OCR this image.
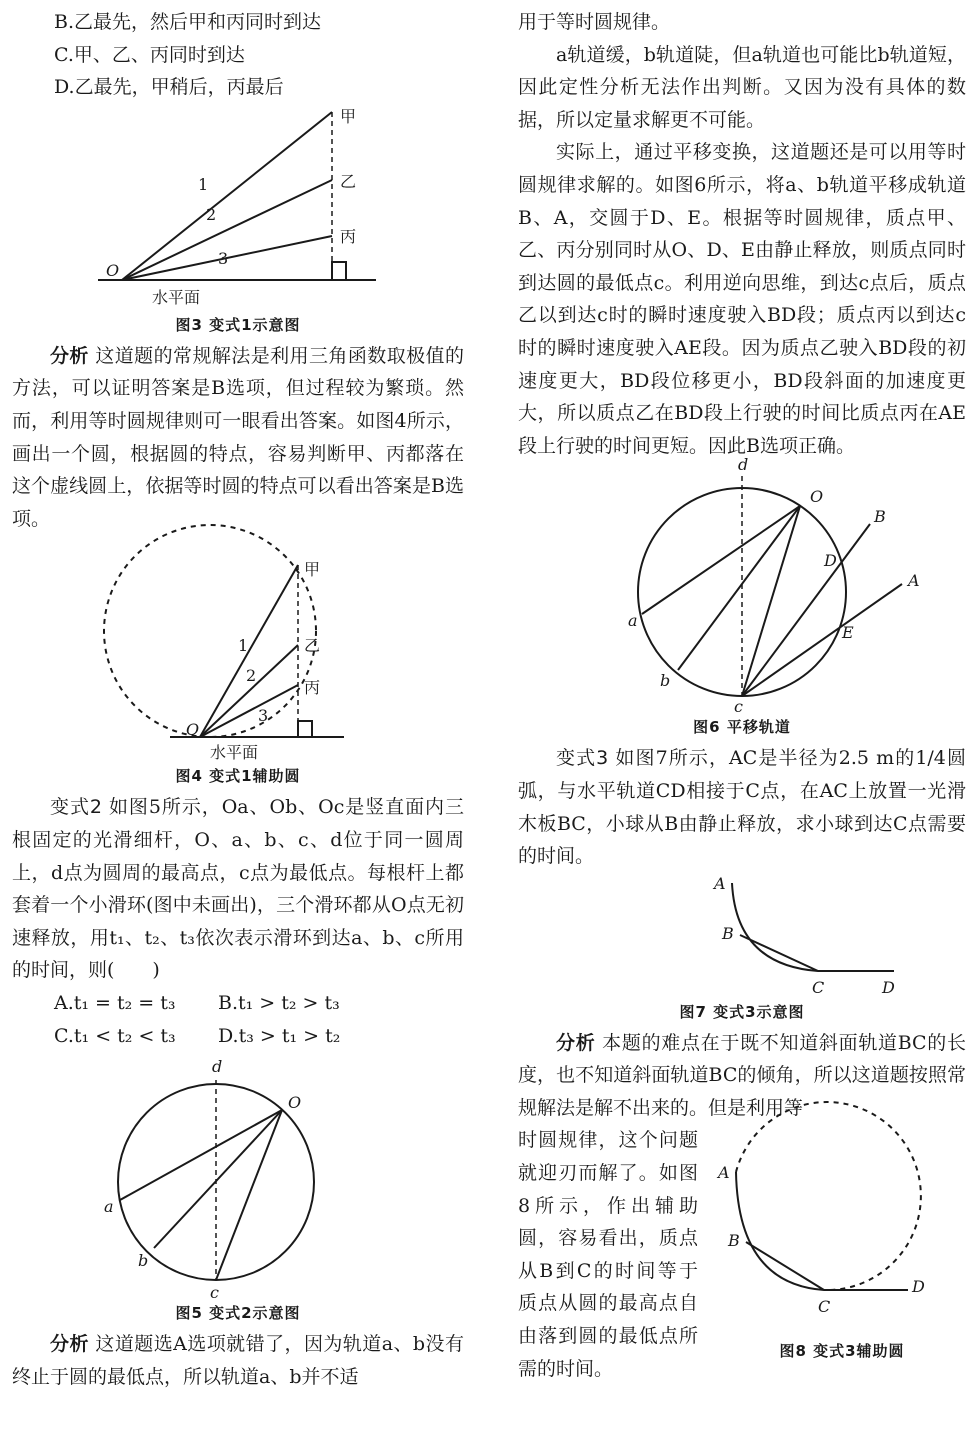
B.乙最先，然后甲和丙同时到达
C.甲、乙、丙同时到达
D.乙最先，甲稍后，丙最后
甲
乙
丙
1
2
3
O
水平面
图3 变式1示意图

分析 这道题的常规解法是利用三角函数取极值的方法，可以证明答案是B选项，但过程较为繁琐。然而，利用等时圆规律则可一眼看出答案。如图4所示，画出一个圆，根据圆的特点，容易判断甲、丙都落在这个虚线圆上，依据等时圆的特点可以看出答案是B选项。

甲
乙
丙
1
2
3
O
水平面
图4 变式1辅助圆

变式2 如图5所示，Oa、Ob、Oc是竖直面内三根固定的光滑细杆，O、a、b、c、d位于同一圆周上，d点为圆周的最高点，c点为最低点。每根杆上都套着一个小滑环(图中未画出)，三个滑环都从O点无初速释放，用t₁、t₂、t₃依次表示滑环到达a、b、c所用的时间，则(　　)

A.t₁ = t₂ = t₃	B.t₁ > t₂ > t₃
C.t₁ < t₂ < t₃	D.t₃ > t₁ > t₂
d
O
a
b
c
图5 变式2示意图

分析 这道题选A选项就错了，因为轨道a、b没有终止于圆的最低点，所以轨道a、b并不适

用于等时圆规律。

a轨道缓，b轨道陡，但a轨道也可能比b轨道短，因此定性分析无法作出判断。又因为没有具体的数据，所以定量求解更不可能。

实际上，通过平移变换，这道题还是可以用等时圆规律求解的。如图6所示，将a、b轨道平移成轨道B、A，交圆于D、E。根据等时圆规律，质点甲、乙、丙分别同时从O、D、E由静止释放，则质点同时到达圆的最低点c。利用逆向思维，到达c点后，质点乙以到达c时的瞬时速度驶入BD段；质点丙以到达c时的瞬时速度驶入AE段。因为质点乙驶入BD段的初速度更大，BD段位移更小，BD段斜面的加速度更大，所以质点乙在BD段上行驶的时间比质点丙在AE段上行驶的时间更短。因此B选项正确。

d
O
B
D
A
a
E
b
c
图6 平移轨道

变式3 如图7所示，AC是半径为2.5 m的1/4圆弧，与水平轨道CD相接于C点，在AC上放置一光滑木板BC，小球从B由静止释放，求小球到达C点需要的时间。

A
B
C	D
图7 变式3示意图

分析 本题的难点在于既不知道斜面轨道BC的长度，也不知道斜面轨道BC的倾角，所以这道题按照常规解法是解不出来的。但是利用等

时圆规律，这个问题就迎刃而解了。如图8所示，作出辅助圆，容易看出，质点从B到C的时间等于质点从圆的最高点自由落到圆的最低点所需的时间。

A
B
C
D
图8 变式3辅助圆
